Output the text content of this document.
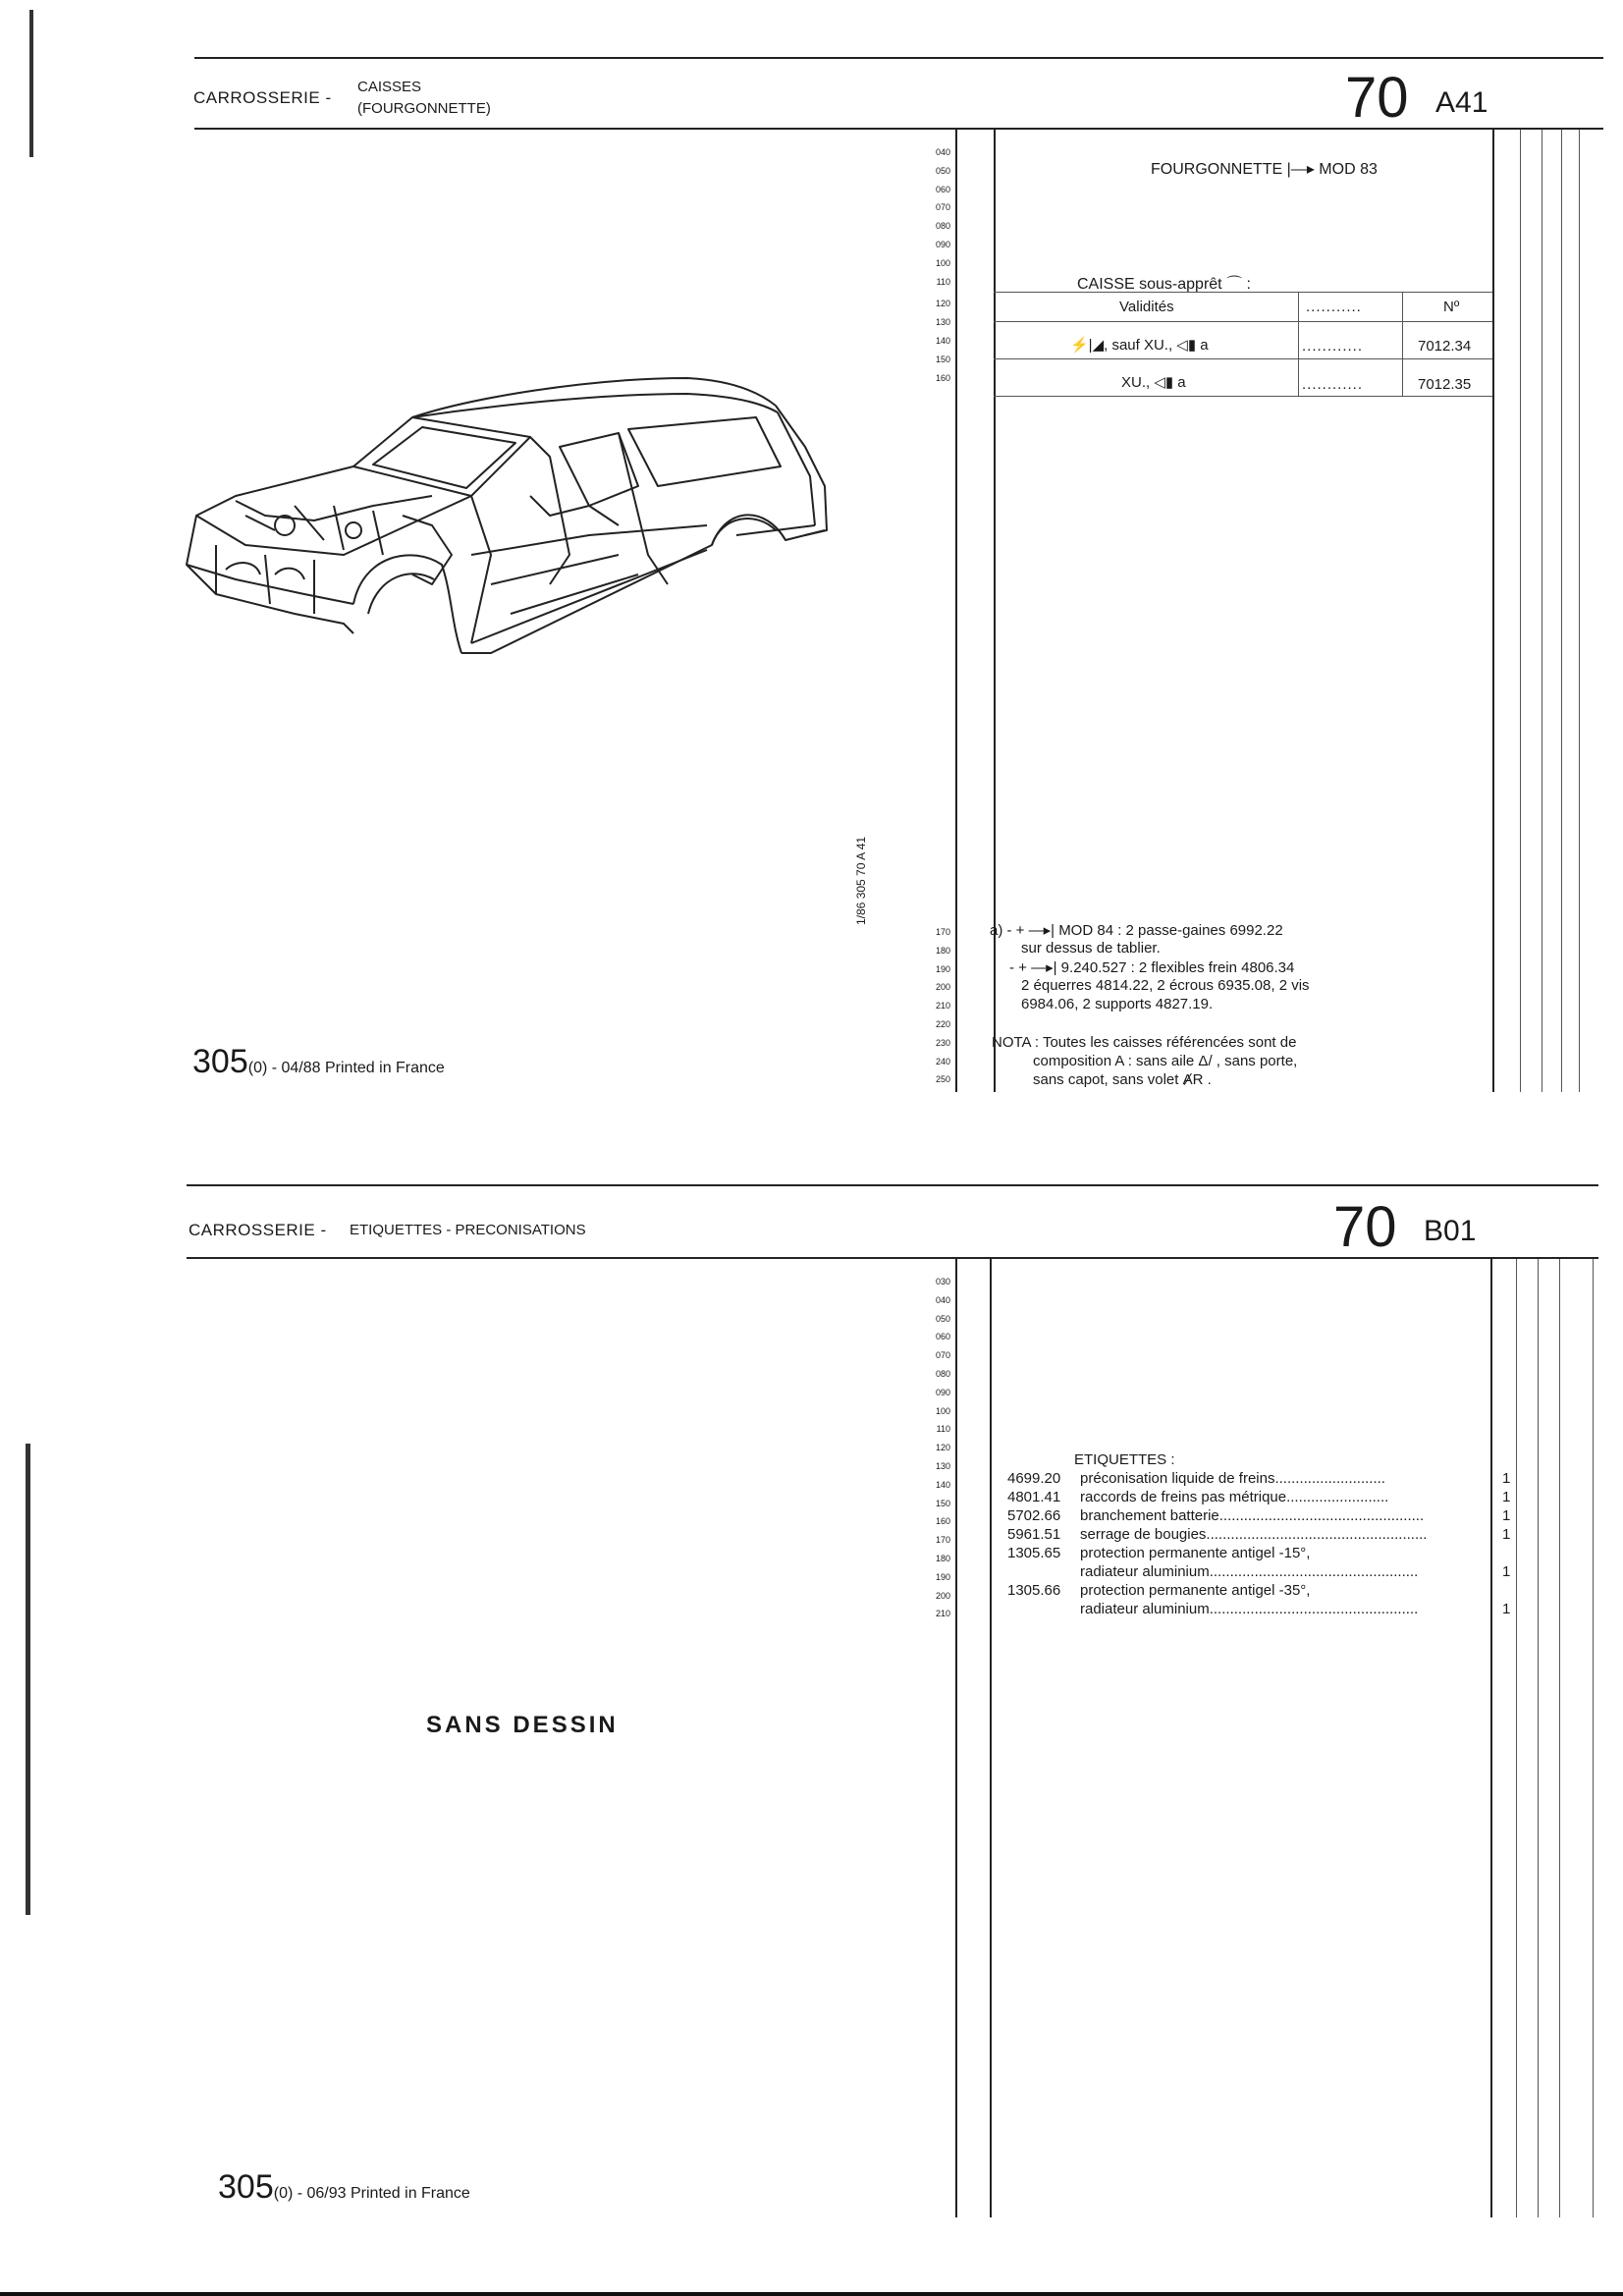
CARROSSERIE -
CAISSES
(FOURGONNETTE)	70 A41
040
050
060
070
080
090
100
110
120
130
140
150
160
170
180
190
200
210
220
230
240
250
1/86 305 70 A 41
FOURGONNETTE |—▸ MOD 83
CAISSE sous-apprêt ⌒ :
Validités	...........	Nº
⚡|◢, sauf XU., ◁▮ a	............	7012.34
XU., ◁▮ a	............	7012.35
a) - + —▸| MOD 84 : 2 passe-gaines 6992.22
sur dessus de tablier.
- + —▸| 9.240.527 : 2 flexibles frein 4806.34
2 équerres 4814.22, 2 écrous 6935.08, 2 vis
6984.06, 2 supports 4827.19.
NOTA : Toutes les caisses référencées sont de
composition A : sans aile Δ/ , sans porte,
sans capot, sans volet ȺR .
305(0) - 04/88 Printed in France
CARROSSERIE - ETIQUETTES - PRECONISATIONS	70 B01
030
040
050
060
070
080
090
100
110
120
130
140
150
160
170
180
190
200
210
SANS DESSIN
ETIQUETTES :
4699.20 préconisation liquide de freins...........................	1
4801.41 raccords de freins pas métrique.........................	1
5702.66 branchement batterie..................................................	1
5961.51 serrage de bougies......................................................	1
1305.65 protection permanente antigel -15°,
radiateur aluminium...................................................	1
1305.66 protection permanente antigel -35°,
radiateur aluminium...................................................	1
305(0) - 06/93 Printed in France
